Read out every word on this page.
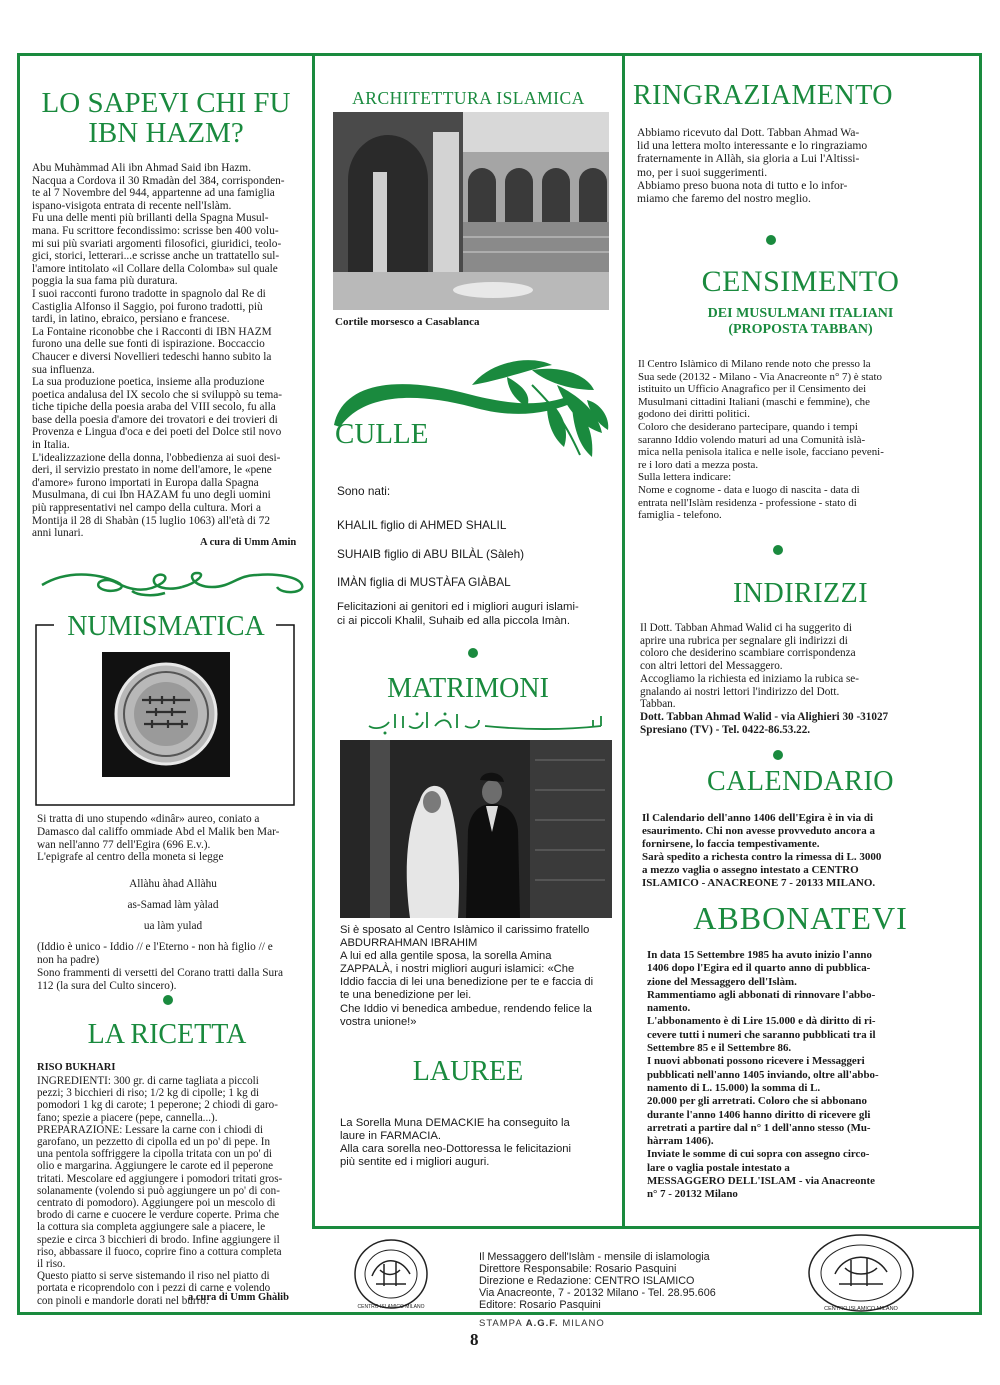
LO SAPEVI CHI FU
IBN HAZM?
Abu Muhàmmad Ali ibn Ahmad Said ibn Hazm.
Nacqua a Cordova il 30 Rmadàn del 384, corrisponden-
te al 7 Novembre del 944, appartenne ad una famiglia
ispano-visigota entrata di recente nell'Islàm.
Fu una delle menti più brillanti della Spagna Musul-
mana. Fu scrittore fecondissimo: scrisse ben 400 volu-
mi sui più svariati argomenti filosofici, giuridici, teolo-
gici, storici, letterari...e scrisse anche un trattatello sul-
l'amore intitolato «il Collare della Colomba» sul quale
poggia la sua fama più duratura.
I suoi racconti furono tradotte in spagnolo dal Re di
Castiglia Alfonso il Saggio, poi furono tradotti, più
tardi, in latino, ebraico, persiano e francese.
La Fontaine riconobbe che i Racconti di IBN HAZM
furono una delle sue fonti di ispirazione. Boccaccio
Chaucer e diversi Novellieri tedeschi hanno subito la
sua influenza.
La sua produzione poetica, insieme alla produzione
poetica andalusa del IX secolo che si sviluppò su tema-
tiche tipiche della poesia araba del VIII secolo, fu alla
base della poesia d'amore dei trovatori e dei trovieri di
Provenza e Lingua d'oca e dei poeti del Dolce stil novo
in Italia.
L'idealizzazione della donna, l'obbedienza ai suoi desi-
deri, il servizio prestato in nome dell'amore, le «pene
d'amore» furono importati in Europa dalla Spagna
Musulmana, di cui Ibn HAZAM fu uno degli uomini
più rappresentativi nel campo della cultura. Mori a
Montija il 28 di Shabàn (15 luglio 1063) all'età di 72
anni lunari.
A cura di Umm Amin
NUMISMATICA
Si tratta di uno stupendo «dinâr» aureo, coniato a
Damasco dal califfo ommiade Abd el Malik ben Mar-
wan nell'anno 77 dell'Egira (696 E.v.).
L'epigrafe al centro della moneta si legge
Allàhu àhad Allàhu
as-Samad làm yàlad
ua làm yulad
(Iddio è unico - Iddio // e l'Eterno - non hà figlio // e
non ha padre)
Sono frammenti di versetti del Corano tratti dalla Sura
112 (la sura del Culto sincero).
LA RICETTA
RISO BUKHARI
INGREDIENTI: 300 gr. di carne tagliata a piccoli
pezzi; 3 bicchieri di riso; 1/2 kg di cipolle; 1 kg di
pomodori 1 kg di carote; 1 peperone; 2 chiodi di garo-
fano; spezie a piacere (pepe, cannella...).
PREPARAZIONE: Lessare la carne con i chiodi di
garofano, un pezzetto di cipolla ed un po' di pepe. In
una pentola soffriggere la cipolla tritata con un po' di
olio e margarina. Aggiungere le carote ed il peperone
tritati. Mescolare ed aggiungere i pomodori tritati gros-
solanamente (volendo si può aggiungere un po' di con-
centrato di pomodoro). Aggiungere poi un mescolo di
brodo di carne e cuocere le verdure coperte. Prima che
la cottura sia completa aggiungere sale a piacere, le
spezie e circa 3 bicchieri di brodo. Infine aggiungere il
riso, abbassare il fuoco, coprire fino a cottura completa
il riso.
Questo piatto si serve sistemando il riso nel piatto di
portata e ricoprendolo con i pezzi di carne e volendo
con pinoli e mandorle dorati nel burro.
a cura di Umm Ghàlib
ARCHITETTURA ISLAMICA
Cortile morsesco a Casablanca
CULLE
Sono nati:
KHALIL figlio di AHMED SHALIL
SUHAIB figlio di ABU BILÀL (Sàleh)
IMÀN figlia di MUSTÀFA GIÀBAL
Felicitazioni ai genitori ed i migliori auguri islami-
ci ai piccoli Khalil, Suhaib ed alla piccola Imàn.
MATRIMONI
Si è sposato al Centro Islàmico il carissimo fratello
ABDURRAHMAN IBRAHIM
A lui ed alla gentile sposa, la sorella Amina
ZAPPALÀ, i nostri migliori auguri islamici: «Che
Iddio faccia di lei una benedizione per te e faccia di
te una benedizione per lei.
Che Iddio vi benedica ambedue, rendendo felice la
vostra unione!»
LAUREE
La Sorella Muna DEMACKIE ha conseguito la
laure in FARMACIA.
Alla cara sorella neo-Dottoressa le felicitazioni
più sentite ed i migliori auguri.
RINGRAZIAMENTO
Abbiamo ricevuto dal Dott. Tabban Ahmad Wa-
lid una lettera molto interessante e lo ringraziamo
fraternamente in Allàh, sia gloria a Lui l'Altissi-
mo, per i suoi suggerimenti.
Abbiamo preso buona nota di tutto e lo infor-
miamo che faremo del nostro meglio.
CENSIMENTO
DEI MUSULMANI ITALIANI
(PROPOSTA TABBAN)
Il Centro Islàmico di Milano rende noto che presso la
Sua sede (20132 - Milano - Via Anacreonte n° 7) è stato
istituito un Ufficio Anagrafico per il Censimento dei
Musulmani cittadini Italiani (maschi e femmine), che
godono dei diritti politici.
Coloro che desiderano partecipare, quando i tempi
saranno Iddio volendo maturi ad una Comunità islà-
mica nella penisola italica e nelle isole, facciano peveni-
re i loro dati a mezza posta.
Sulla lettera indicare:
Nome e cognome - data e luogo di nascita - data di
entrata nell'Islàm residenza - professione - stato di
famiglia - telefono.
INDIRIZZI
Il Dott. Tabban Ahmad Walid ci ha suggerito di
aprire una rubrica per segnalare gli indirizzi di
coloro che desiderino scambiare corrispondenza
con altri lettori del Messaggero.
Accogliamo la richiesta ed iniziamo la rubica se-
gnalando ai nostri lettori l'indirizzo del Dott.
Tabban.
Dott. Tabban Ahmad Walid - via Alighieri 30 -31027
Spresiano (TV) - Tel. 0422-86.53.22.
CALENDARIO
Il Calendario dell'anno 1406 dell'Egira è in via di
esaurimento. Chi non avesse provveduto ancora a
fornirsene, lo faccia tempestivamente.
Sarà spedito a richesta contro la rimessa di L. 3000
a mezzo vaglia o assegno intestato a CENTRO
ISLAMICO - ANACREONE 7 - 20133 MILANO.
ABBONATEVI
In data 15 Settembre 1985 ha avuto inizio l'anno
1406 dopo l'Egira ed il quarto anno di pubblica-
zione del Messaggero dell'Islàm.
Rammentiamo agli abbonati di rinnovare l'abbo-
namento.
L'abbonamento è di Lire 15.000 e dà diritto di ri-
cevere tutti i numeri che saranno pubblicati tra il
Settembre 85 e il Settembre 86.
I nuovi abbonati possono ricevere i Messaggeri
pubblicati nell'anno 1405 inviando, oltre all'abbo-
namento di L. 15.000) la somma di L.
20.000 per gli arretrati. Coloro che si abbonano
durante l'anno 1406 hanno diritto di ricevere gli
arretrati a partire dal n° 1 dell'anno stesso (Mu-
hàrram 1406).
Inviate le somme di cui sopra con assegno circo-
lare o vaglia postale intestato a
MESSAGGERO DELL'ISLAM - via Anacreonte
n° 7 - 20132 Milano
CENTRO ISLAMICO MILANO
Il Messaggero dell'Islàm - mensile di islamologia
Direttore Responsabile: Rosario Pasquini
Direzione e Redazione: CENTRO ISLAMICO
Via Anacreonte, 7 - 20132 Milano - Tel. 28.95.606
Editore: Rosario Pasquini
STAMPA A.G.F. MILANO
CENTRO ISLAMICO MILANO
8
